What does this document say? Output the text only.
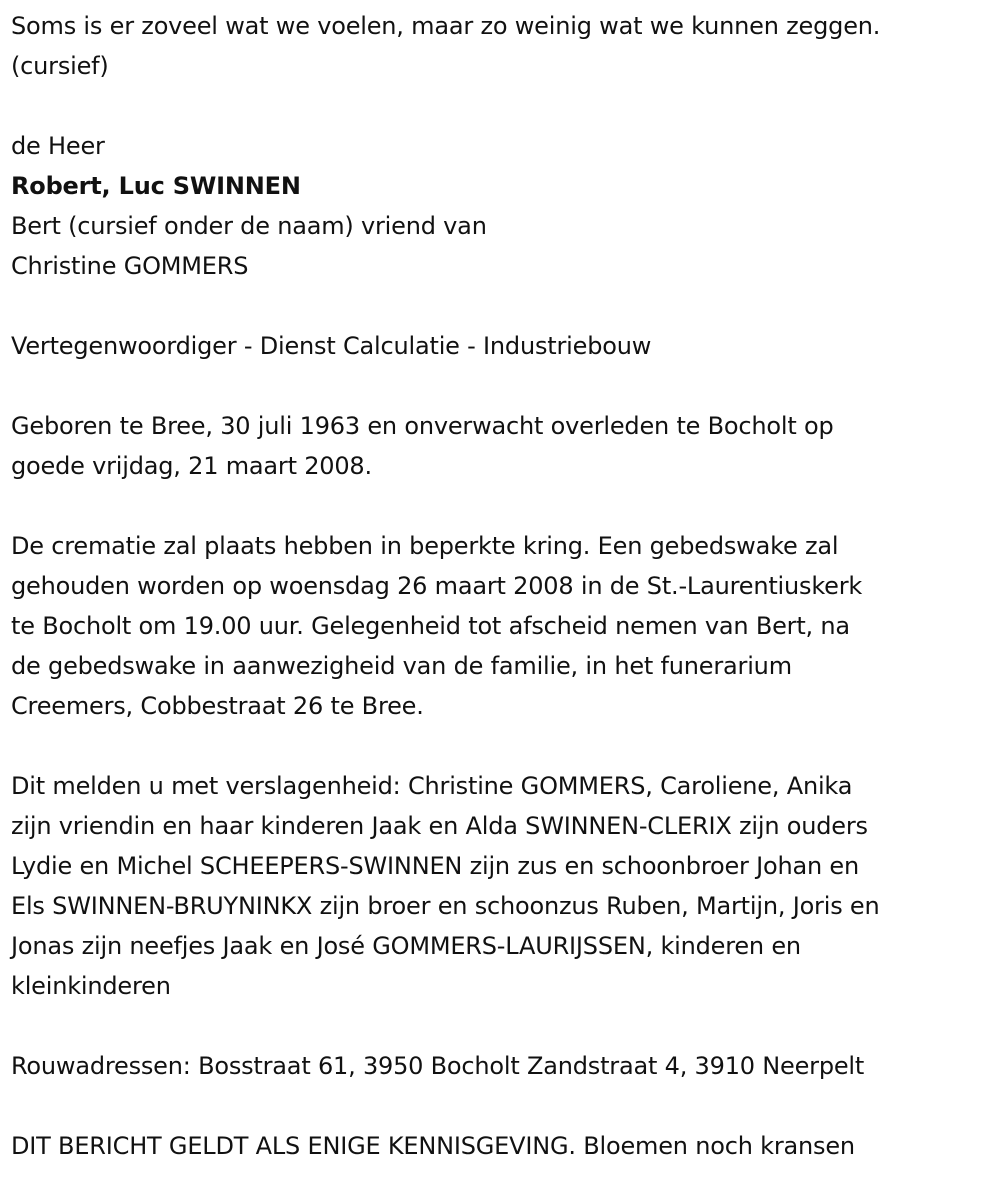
Soms is er zoveel wat we voelen, maar zo weinig wat we kunnen zeggen.

(cursief)

de Heer

Robert, Luc SWINNEN

Bert (cursief onder de naam) vriend van

Christine GOMMERS

Vertegenwoordiger - Dienst Calculatie - Industriebouw

Geboren te Bree, 30 juli 1963 en onverwacht overleden te Bocholt op
goede vrijdag, 21 maart 2008.
De crematie zal plaats hebben in beperkte kring. Een gebedswake zal
gehouden worden op woensdag 26 maart 2008 in de St.-Laurentiuskerk
te Bocholt om 19.00 uur. Gelegenheid tot afscheid nemen van Bert, na
de gebedswake in aanwezigheid van de familie, in het funerarium
Creemers, Cobbestraat 26 te Bree.
Dit melden u met verslagenheid: Christine GOMMERS, Caroliene, Anika
zijn vriendin en haar kinderen Jaak en Alda SWINNEN-CLERIX zijn ouders
Lydie en Michel SCHEEPERS-SWINNEN zijn zus en schoonbroer Johan en
Els SWINNEN-BRUYNINKX zijn broer en schoonzus Ruben, Martijn, Joris en
Jonas zijn neefjes Jaak en José GOMMERS-LAURIJSSEN, kinderen en
kleinkinderen

Rouwadressen: Bosstraat 61, 3950 Bocholt Zandstraat 4, 3910 Neerpelt

DIT BERICHT GELDT ALS ENIGE KENNISGEVING. Bloemen noch kransen
